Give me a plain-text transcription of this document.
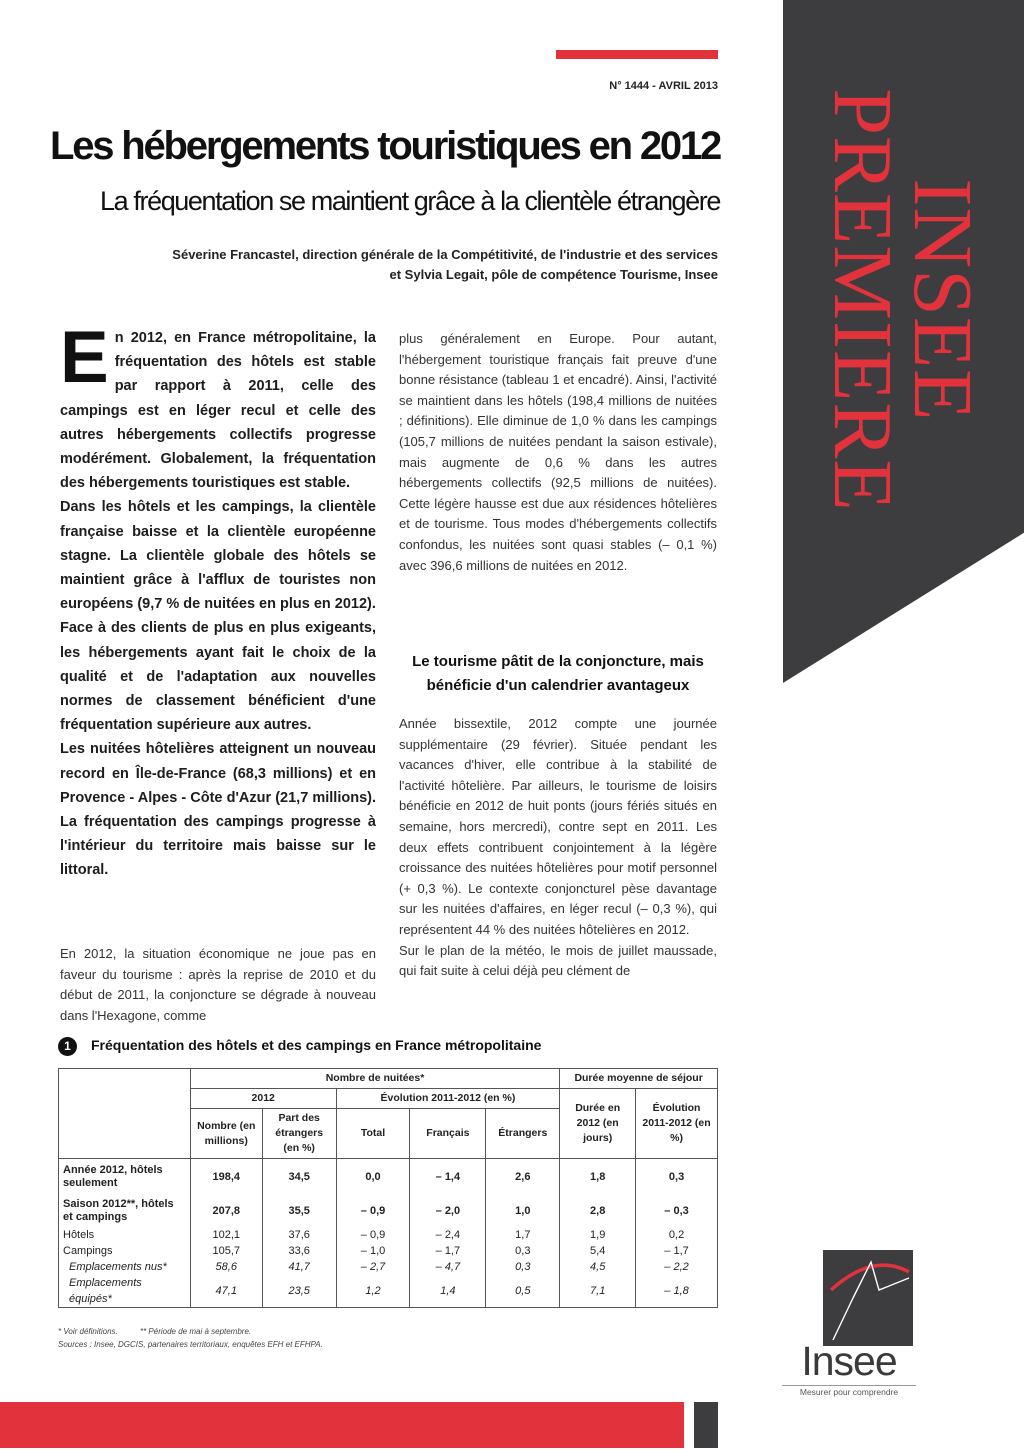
INSEE
PREMIERE
N° 1444 - AVRIL 2013
Les hébergements touristiques en 2012
La fréquentation se maintient grâce à la clientèle étrangère
Séverine Francastel, direction générale de la Compétitivité, de l'industrie et des services
et Sylvia Legait, pôle de compétence Tourisme, Insee

En 2012, en France métropolitaine, la fréquentation des hôtels est stable par rapport à 2011, celle des campings est en léger recul et celle des autres hébergements collectifs progresse modérément. Globalement, la fréquentation des hébergements touristiques est stable.

Dans les hôtels et les campings, la clientèle française baisse et la clientèle européenne stagne. La clientèle globale des hôtels se maintient grâce à l'afflux de touristes non européens (9,7 % de nuitées en plus en 2012).

Face à des clients de plus en plus exigeants, les hébergements ayant fait le choix de la qualité et de l'adaptation aux nouvelles normes de classement bénéficient d'une fréquentation supérieure aux autres.

Les nuitées hôtelières atteignent un nouveau record en Île-de-France (68,3 millions) et en Provence - Alpes - Côte d'Azur (21,7 millions). La fréquentation des campings progresse à l'intérieur du territoire mais baisse sur le littoral.

En 2012, la situation économique ne joue pas en faveur du tourisme : après la reprise de 2010 et du début de 2011, la conjoncture se dégrade à nouveau dans l'Hexagone, comme

plus généralement en Europe. Pour autant, l'hébergement touristique français fait preuve d'une bonne résistance (tableau 1 et encadré). Ainsi, l'activité se maintient dans les hôtels (198,4 millions de nuitées ; définitions). Elle diminue de 1,0 % dans les campings (105,7 millions de nuitées pendant la saison estivale), mais augmente de 0,6 % dans les autres hébergements collectifs (92,5 millions de nuitées). Cette légère hausse est due aux résidences hôtelières et de tourisme. Tous modes d'hébergements collectifs confondus, les nuitées sont quasi stables (– 0,1 %) avec 396,6 millions de nuitées en 2012.

Le tourisme pâtit de la conjoncture, mais bénéficie d'un calendrier avantageux

Année bissextile, 2012 compte une journée supplémentaire (29 février). Située pendant les vacances d'hiver, elle contribue à la stabilité de l'activité hôtelière. Par ailleurs, le tourisme de loisirs bénéficie en 2012 de huit ponts (jours fériés situés en semaine, hors mercredi), contre sept en 2011. Les deux effets contribuent conjointement à la légère croissance des nuitées hôtelières pour motif personnel (+ 0,3 %). Le contexte conjoncturel pèse davantage sur les nuitées d'affaires, en léger recul (– 0,3 %), qui représentent 44 % des nuitées hôtelières en 2012.

Sur le plan de la météo, le mois de juillet maussade, qui fait suite à celui déjà peu clément de

1 Fréquentation des hôtels et des campings en France métropolitaine
	Nombre de nuitées*					Durée moyenne de séjour	
	2012		Évolution 2011-2012 (en %)			Durée en 2012 (en jours)	Évolution 2011-2012 (en %)
	Nombre (en millions)	Part des étrangers (en %)	Total	Français	Étrangers		
Année 2012, hôtels seulement	198,4	34,5	0,0	– 1,4	2,6	1,8	0,3
Saison 2012**, hôtels et campings	207,8	35,5	– 0,9	– 2,0	1,0	2,8	– 0,3
Hôtels	102,1	37,6	– 0,9	– 2,4	1,7	1,9	0,2
Campings	105,7	33,6	– 1,0	– 1,7	0,3	5,4	– 1,7
Emplacements nus*	58,6	41,7	– 2,7	– 4,7	0,3	4,5	– 2,2
Emplacements équipés*	47,1	23,5	1,2	1,4	0,5	7,1	– 1,8
* Voir définitions.          ** Période de mai à septembre.
Sources : Insee, DGCIS, partenaires territoriaux, enquêtes EFH et EFHPA.	Insee
Mesurer pour comprendre
